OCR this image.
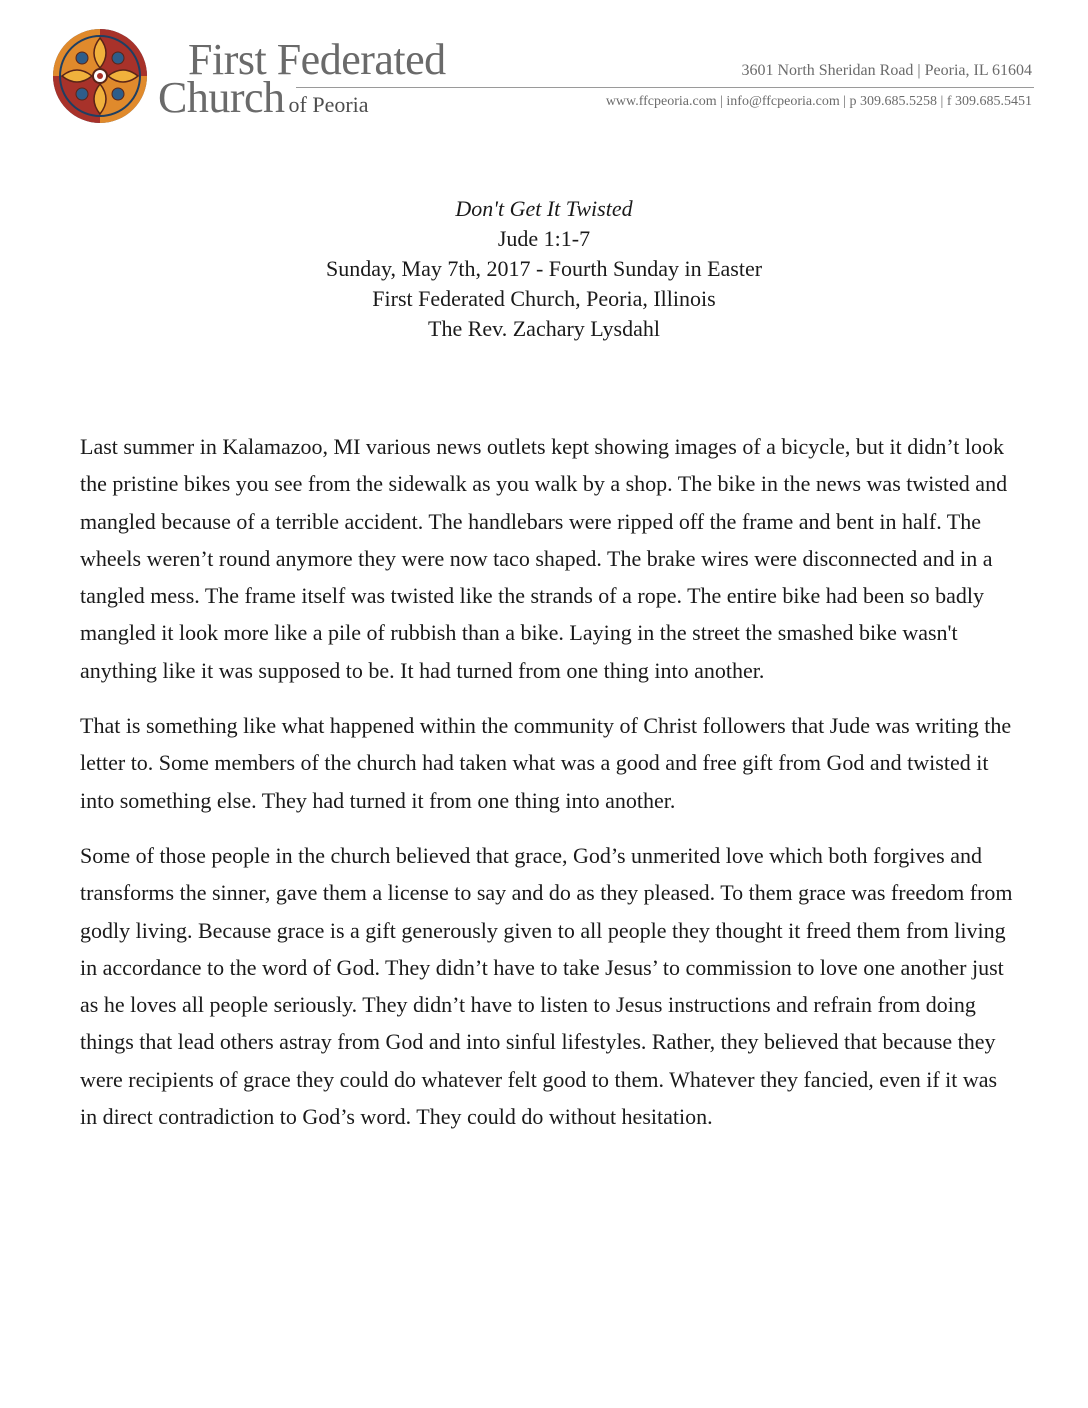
First Federated
Church of Peoria
3601 North Sheridan Road | Peoria, IL 61604
www.ffcpeoria.com | info@ffcpeoria.com | p 309.685.5258 | f 309.685.5451
Don't Get It Twisted
Jude 1:1-7
Sunday, May 7th, 2017 - Fourth Sunday in Easter
First Federated Church, Peoria, Illinois
The Rev. Zachary Lysdahl

Last summer in Kalamazoo, MI various news outlets kept showing images of a bicycle, but it didn’t look the pristine bikes you see from the sidewalk as you walk by a shop. The bike in the news was twisted and mangled because of a terrible accident. The handlebars were ripped off the frame and bent in half. The wheels weren’t round anymore they were now taco shaped. The brake wires were disconnected and in a tangled mess. The frame itself was twisted like the strands of a rope. The entire bike had been so badly mangled it look more like a pile of rubbish than a bike. Laying in the street the smashed bike wasn't anything like it was supposed to be. It had turned from one thing into another.

That is something like what happened within the community of Christ followers that Jude was writing the letter to. Some members of the church had taken what was a good and free gift from God and twisted it into something else. They had turned it from one thing into another.

Some of those people in the church believed that grace, God’s unmerited love which both forgives and transforms the sinner, gave them a license to say and do as they pleased. To them grace was freedom from godly living. Because grace is a gift generously given to all people they thought it freed them from living in accordance to the word of God. They didn’t have to take Jesus’ to commission to love one another just as he loves all people seriously. They didn’t have to listen to Jesus instructions and refrain from doing things that lead others astray from God and into sinful lifestyles. Rather, they believed that because they were recipients of grace they could do whatever felt good to them. Whatever they fancied, even if it was in direct contradiction to God’s word. They could do without hesitation.
